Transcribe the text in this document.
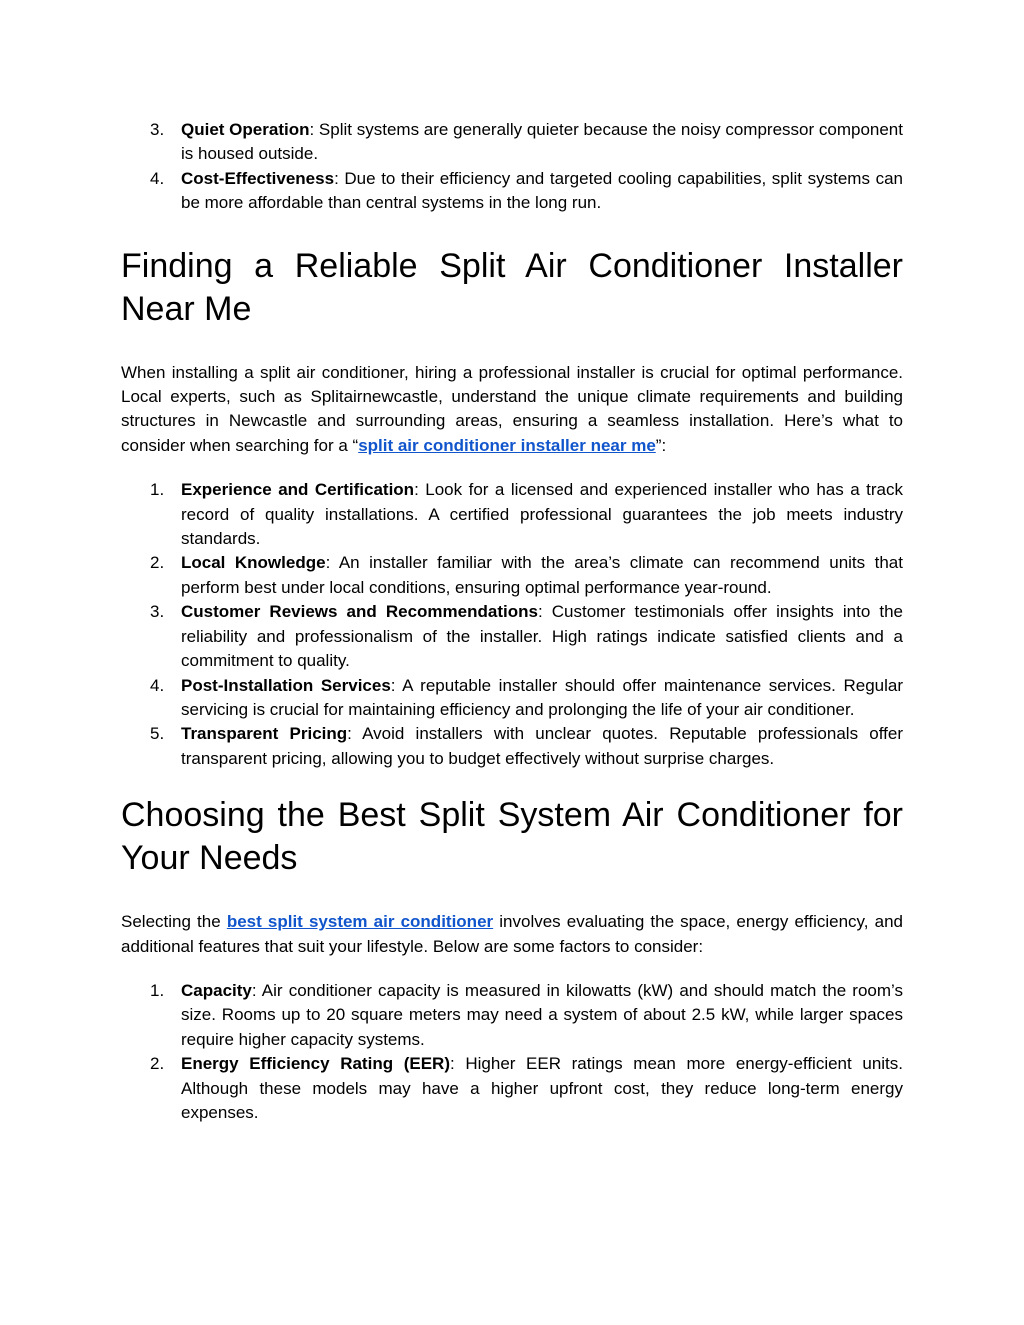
3. Quiet Operation: Split systems are generally quieter because the noisy compressor component is housed outside.
4. Cost-Effectiveness: Due to their efficiency and targeted cooling capabilities, split systems can be more affordable than central systems in the long run.
Finding a Reliable Split Air Conditioner Installer Near Me

When installing a split air conditioner, hiring a professional installer is crucial for optimal performance. Local experts, such as Splitairnewcastle, understand the unique climate requirements and building structures in Newcastle and surrounding areas, ensuring a seamless installation. Here’s what to consider when searching for a “split air conditioner installer near me”:

1. Experience and Certification: Look for a licensed and experienced installer who has a track record of quality installations. A certified professional guarantees the job meets industry standards.
2. Local Knowledge: An installer familiar with the area’s climate can recommend units that perform best under local conditions, ensuring optimal performance year-round.
3. Customer Reviews and Recommendations: Customer testimonials offer insights into the reliability and professionalism of the installer. High ratings indicate satisfied clients and a commitment to quality.
4. Post-Installation Services: A reputable installer should offer maintenance services. Regular servicing is crucial for maintaining efficiency and prolonging the life of your air conditioner.
5. Transparent Pricing: Avoid installers with unclear quotes. Reputable professionals offer transparent pricing, allowing you to budget effectively without surprise charges.
Choosing the Best Split System Air Conditioner for Your Needs

Selecting the best split system air conditioner involves evaluating the space, energy efficiency, and additional features that suit your lifestyle. Below are some factors to consider:

1. Capacity: Air conditioner capacity is measured in kilowatts (kW) and should match the room’s size. Rooms up to 20 square meters may need a system of about 2.5 kW, while larger spaces require higher capacity systems.
2. Energy Efficiency Rating (EER): Higher EER ratings mean more energy-efficient units. Although these models may have a higher upfront cost, they reduce long-term energy expenses.
